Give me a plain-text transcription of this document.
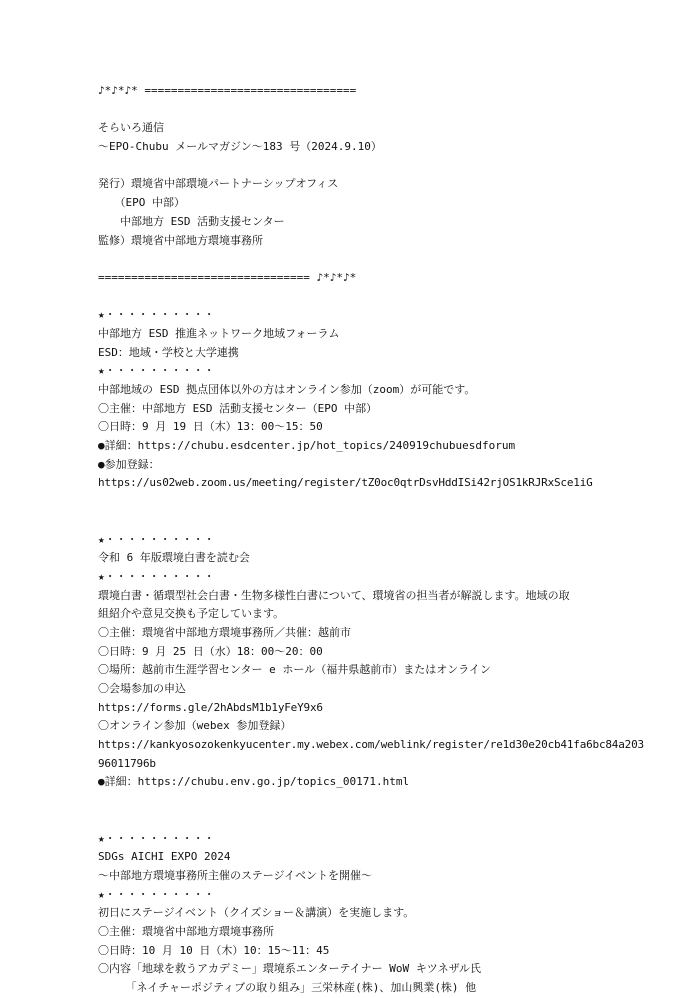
♪*♪*♪* ================================
そらいろ通信
～EPO-Chubu メールマガジン～183 号（2024.9.10）
発行）環境省中部環境パートナーシップオフィス
　　（EPO 中部）
　　中部地方 ESD 活動支援センター
監修）環境省中部地方環境事務所
================================ ♪*♪*♪*
★・・・・・・・・・・
中部地方 ESD 推進ネットワーク地域フォーラム
ESD：地域・学校と大学連携
★・・・・・・・・・・
中部地域の ESD 拠点団体以外の方はオンライン参加（zoom）が可能です。
〇主催：中部地方 ESD 活動支援センター（EPO 中部）
〇日時：9 月 19 日（木）13：00～15：50
●詳細：https://chubu.esdcenter.jp/hot_topics/240919chubuesdforum
●参加登録：
https://us02web.zoom.us/meeting/register/tZ0oc0qtrDsvHddISi42rjOS1kRJRxSce1iG
★・・・・・・・・・・
令和 6 年版環境白書を読む会
★・・・・・・・・・・
環境白書・循環型社会白書・生物多様性白書について、環境省の担当者が解説します。地域の取
組紹介や意見交換も予定しています。
〇主催：環境省中部地方環境事務所／共催：越前市
〇日時：9 月 25 日（水）18：00～20：00
〇場所：越前市生涯学習センター e ホール（福井県越前市）またはオンライン
〇会場参加の申込
https://forms.gle/2hAbdsM1b1yFeY9x6
〇オンライン参加（webex 参加登録）
https://kankyosozokenkyucenter.my.webex.com/weblink/register/re1d30e20cb41fa6bc84a203
96011796b
●詳細：https://chubu.env.go.jp/topics_00171.html
★・・・・・・・・・・
SDGs AICHI EXPO 2024
～中部地方環境事務所主催のステージイベントを開催～
★・・・・・・・・・・
初日にステージイベント（クイズショー＆講演）を実施します。
〇主催：環境省中部地方環境事務所
〇日時：10 月 10 日（木）10：15～11：45
〇内容「地球を救うアカデミー」環境系エンターテイナー WoW キツネザル氏
　　　「ネイチャーポジティブの取り組み」三栄林産(株)、加山興業(株) 他
